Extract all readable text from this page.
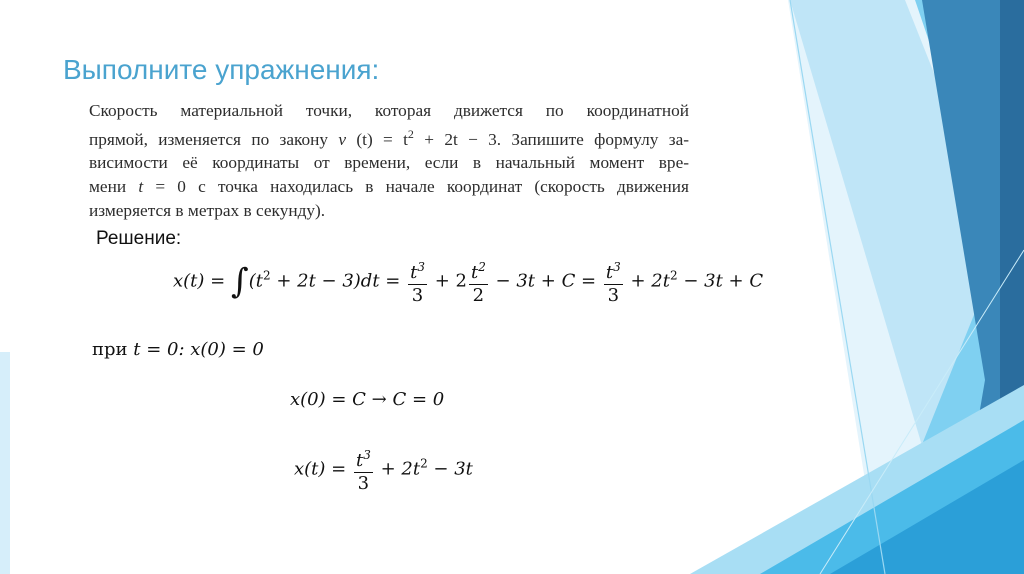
Выполните упражнения:
Скорость материальной точки, которая движется по координатной
прямой, изменяется по закону v $(t) = t^2 + 2t - 3$. Запишите формулу за-
висимости её координаты от времени, если в начальный момент вре-
мени t = 0 с точка находилась в начале координат (скорость движения
измеряется в метрах в секунду).
Решение:
$x(t) = \int(t^2 + 2t - 3)dt = \frac{t^3}{3} + 2 \frac{t^2}{2} - 3t + C = \frac{t^3}{3} + 2t^2 - 3t + C$
при t = 0: x(0) = 0
x(0) = C → C = 0
$x(t) = \frac{t^3}{3} + 2t^2 - 3t$
